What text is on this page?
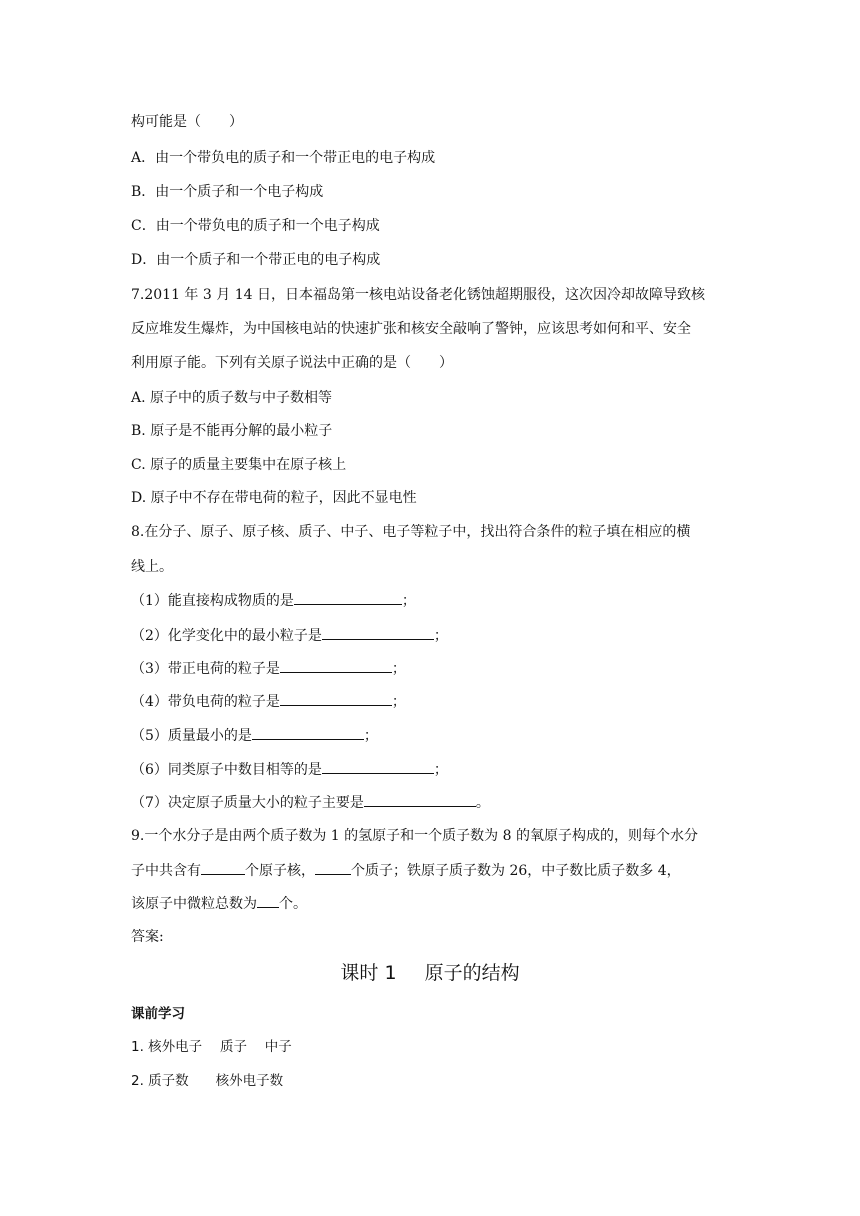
构可能是（　　）
A．由一个带负电的质子和一个带正电的电子构成
B．由一个质子和一个电子构成
C．由一个带负电的质子和一个电子构成
D．由一个质子和一个带正电的电子构成
7.2011 年 3 月 14 日，日本福岛第一核电站设备老化锈蚀超期服役，这次因冷却故障导致核
反应堆发生爆炸，为中国核电站的快速扩张和核安全敲响了警钟，应该思考如何和平、安全
利用原子能。下列有关原子说法中正确的是（　　）
A. 原子中的质子数与中子数相等
B. 原子是不能再分解的最小粒子
C. 原子的质量主要集中在原子核上
D. 原子中不存在带电荷的粒子，因此不显电性
8.在分子、原子、原子核、质子、中子、电子等粒子中，找出符合条件的粒子填在相应的横
线上。
（1）能直接构成物质的是	；
（2）化学变化中的最小粒子是	；
（3）带正电荷的粒子是	；
（4）带负电荷的粒子是	；
（5）质量最小的是	；
（6）同类原子中数目相等的是	；
（7）决定原子质量大小的粒子主要是	。
9.一个水分子是由两个质子数为 1 的氢原子和一个质子数为 8 的氧原子构成的，则每个水分
子中共含有	个原子核，	个质子；铁原子质子数为 26，中子数比质子数多 4，
该原子中微粒总数为 个。
答案:
课时 1 原子的结构
课前学习
1. 核外电子　 质子　 中子
2. 质子数　　核外电子数
